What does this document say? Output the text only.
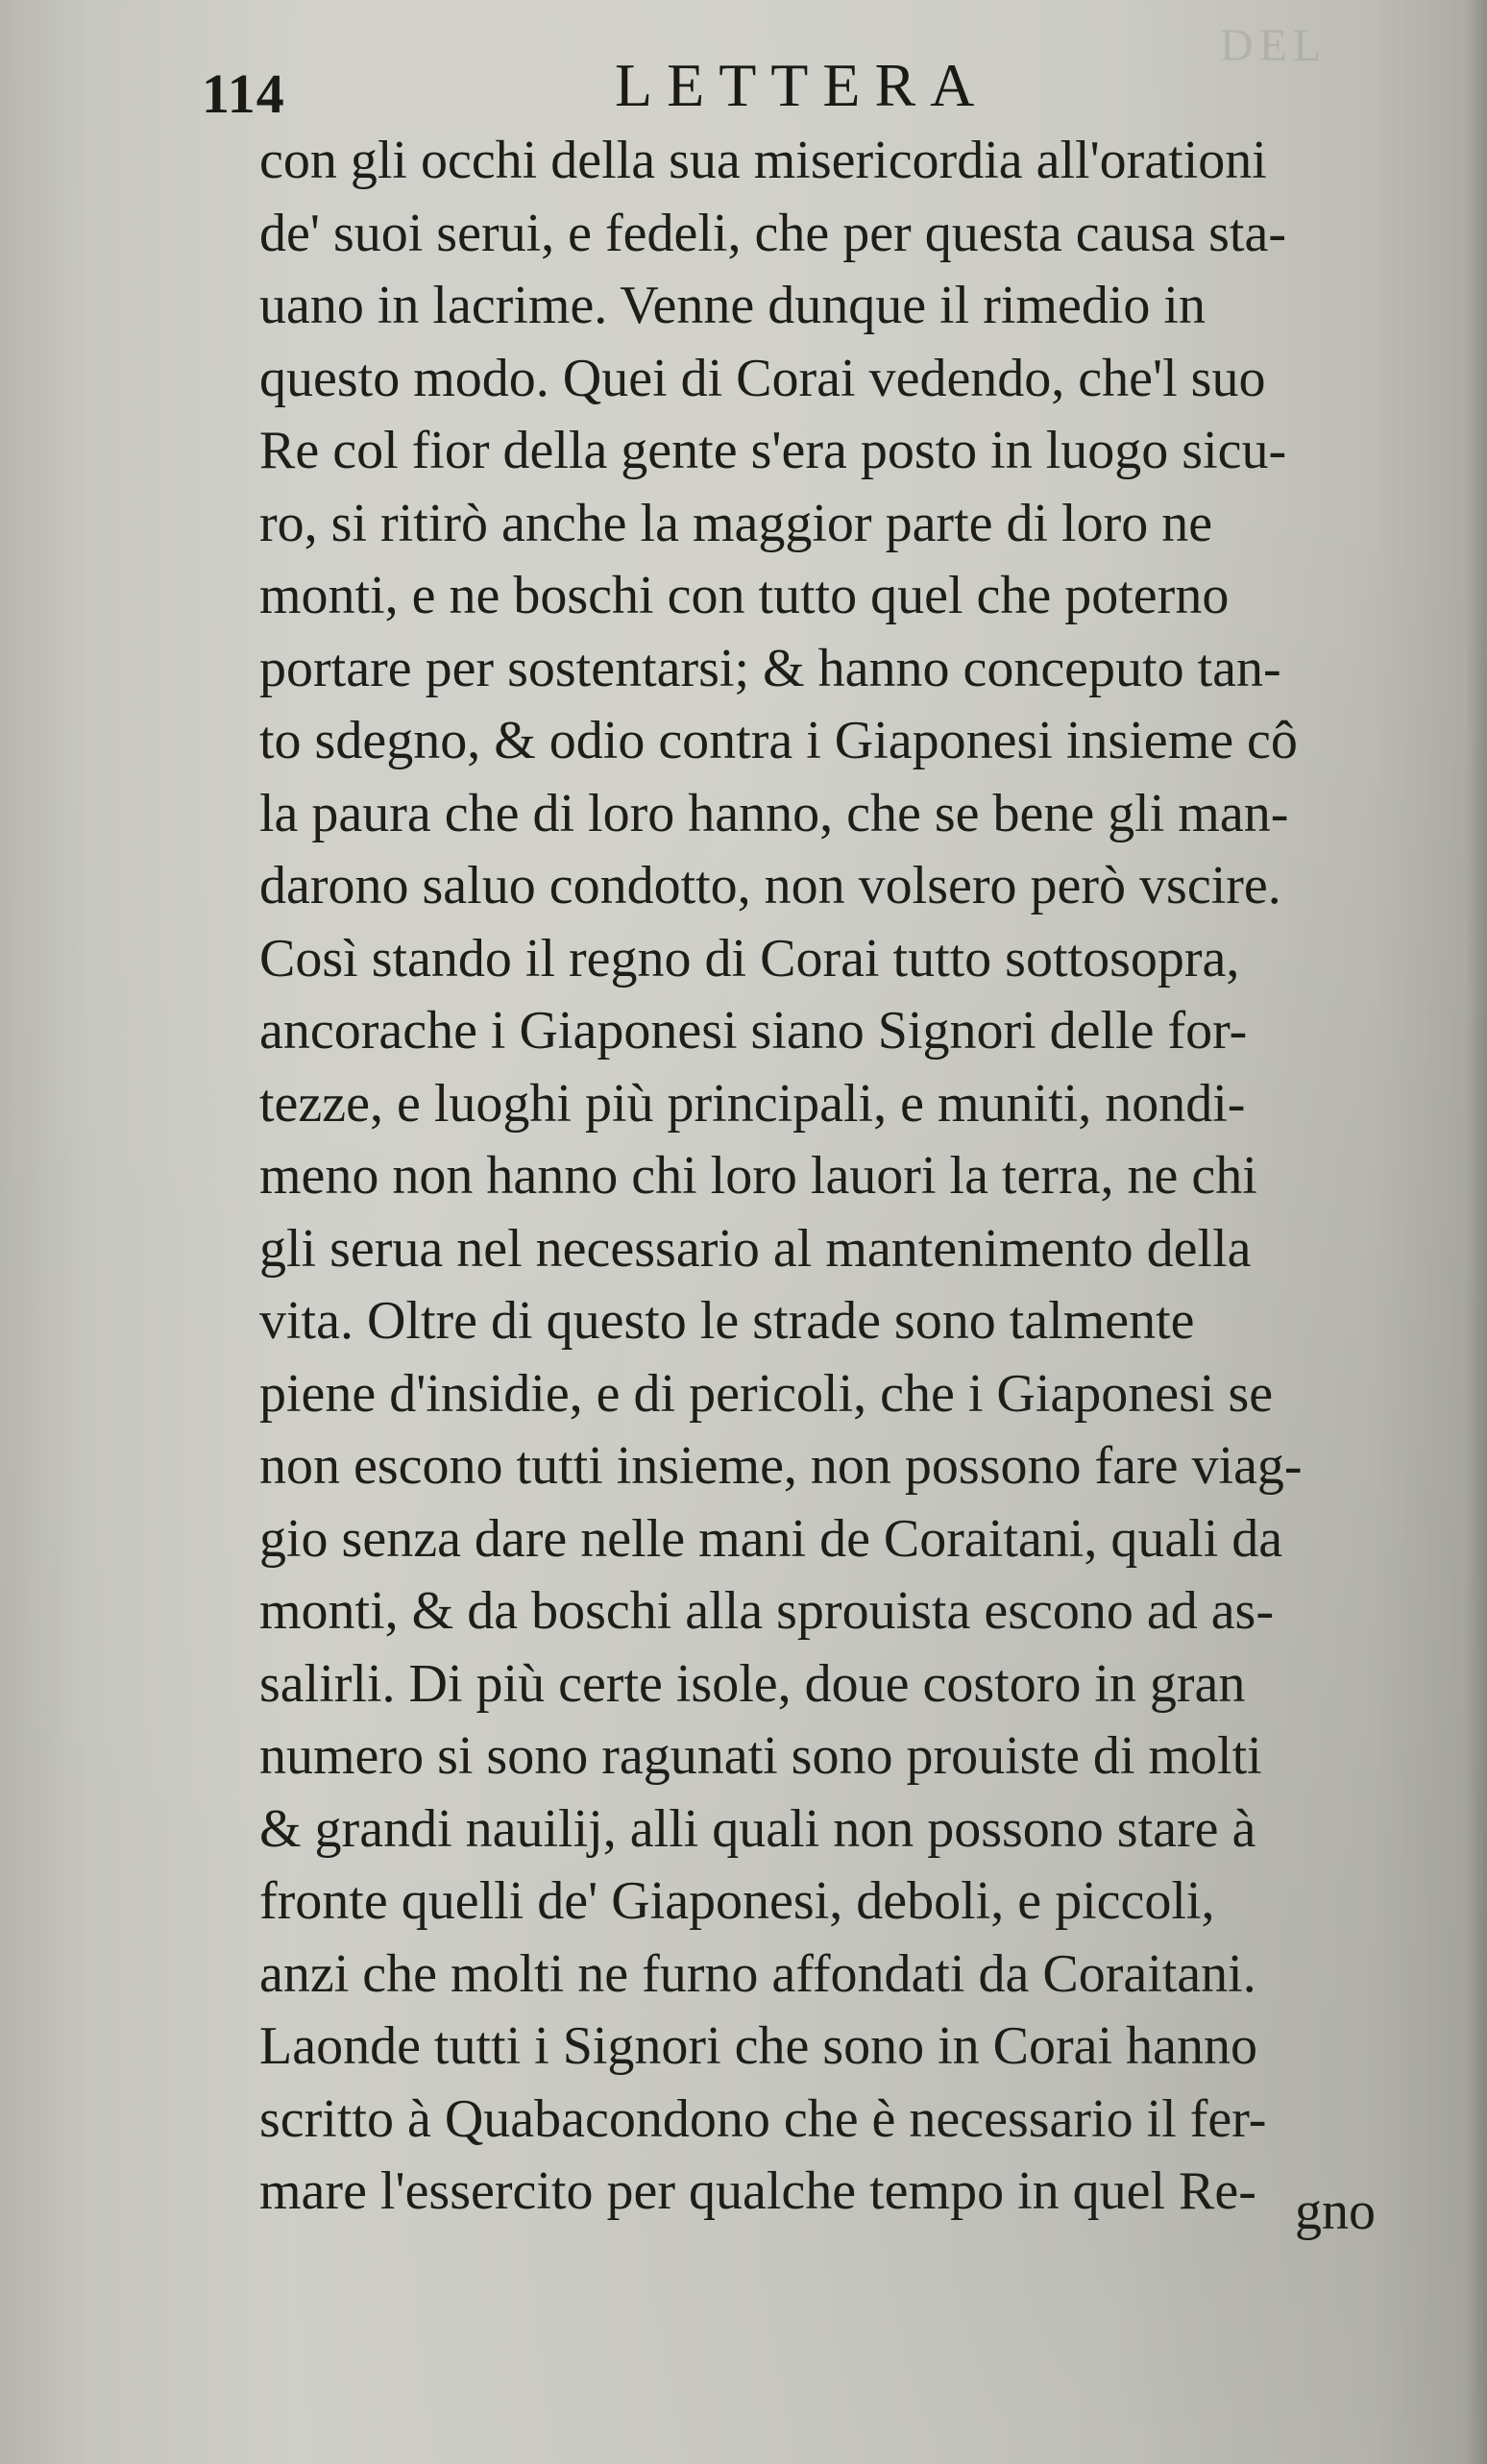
DEL
114	LETTERA
con gli occhi della sua misericordia all'orationi
de' suoi serui, e fedeli, che per questa causa sta-
uano in lacrime. Venne dunque il rimedio in
questo modo. Quei di Corai vedendo, che'l suo
Re col fior della gente s'era posto in luogo sicu-
ro, si ritirò anche la maggior parte di loro ne
monti, e ne boschi con tutto quel che poterno
portare per sostentarsi; & hanno conceputo tan-
to sdegno, & odio contra i Giaponesi insieme cô
la paura che di loro hanno, che se bene gli man-
darono saluo condotto, non volsero però vscire.
Così stando il regno di Corai tutto sottosopra,
ancorache i Giaponesi siano Signori delle for-
tezze, e luoghi più principali, e muniti, nondi-
meno non hanno chi loro lauori la terra, ne chi
gli serua nel necessario al mantenimento della
vita. Oltre di questo le strade sono talmente
piene d'insidie, e di pericoli, che i Giaponesi se
non escono tutti insieme, non possono fare viag-
gio senza dare nelle mani de Coraitani, quali da
monti, & da boschi alla sprouista escono ad as-
salirli. Di più certe isole, doue costoro in gran
numero si sono ragunati sono prouiste di molti
& grandi nauilij, alli quali non possono stare à
fronte quelli de' Giaponesi, deboli, e piccoli,
anzi che molti ne furno affondati da Coraitani.
Laonde tutti i Signori che sono in Corai hanno
scritto à Quabacondono che è necessario il fer-
mare l'essercito per qualche tempo in quel Re- gno
